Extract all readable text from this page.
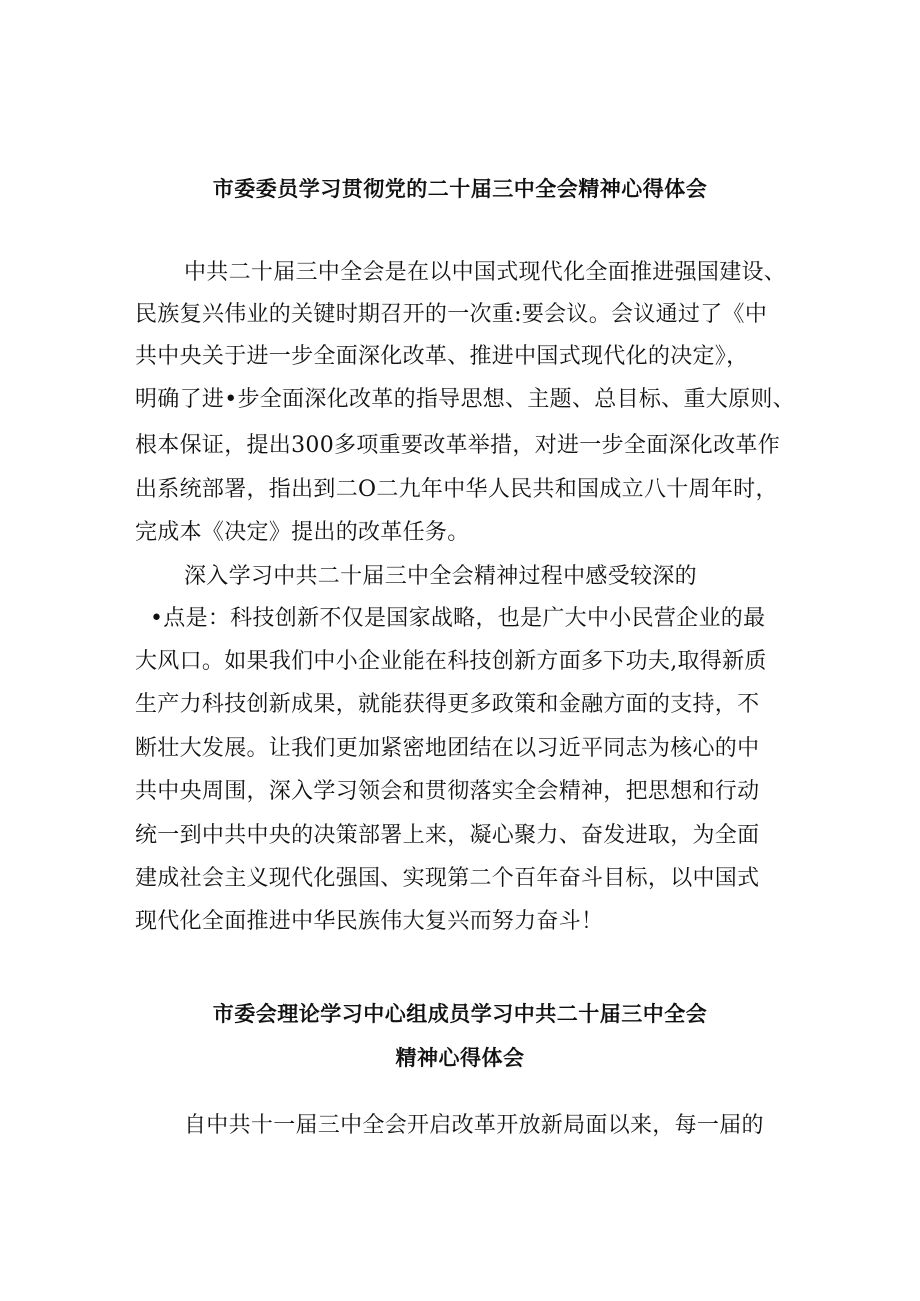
市委委员学习贯彻党的二十届三中全会精神心得体会
中共二十届三中全会是在以中国式现代化全面推进强国建设、
民族复兴伟业的关键时期召开的一次重:要会议。会议通过了《中
共中央关于进一步全面深化改革、推进中国式现代化的决定》，
明确了进•步全面深化改革的指导思想、主题、总目标、重大原则、
根本保证，提出300多项重要改革举措，对进一步全面深化改革作
出系统部署，指出到二O二九年中华人民共和国成立八十周年时，
完成本《决定》提出的改革任务。
深入学习中共二十届三中全会精神过程中感受较深的
•点是：科技创新不仅是国家战略，也是广大中小民营企业的最
大风口。如果我们中小企业能在科技创新方面多下功夫,取得新质
生产力科技创新成果，就能获得更多政策和金融方面的支持，不
断壮大发展。让我们更加紧密地团结在以习近平同志为核心的中
共中央周围，深入学习领会和贯彻落实全会精神，把思想和行动
统一到中共中央的决策部署上来，凝心聚力、奋发进取，为全面
建成社会主义现代化强国、实现第二个百年奋斗目标，以中国式
现代化全面推进中华民族伟大复兴而努力奋斗！
市委会理论学习中心组成员学习中共二十届三中全会
精神心得体会
自中共十一届三中全会开启改革开放新局面以来，每一届的
